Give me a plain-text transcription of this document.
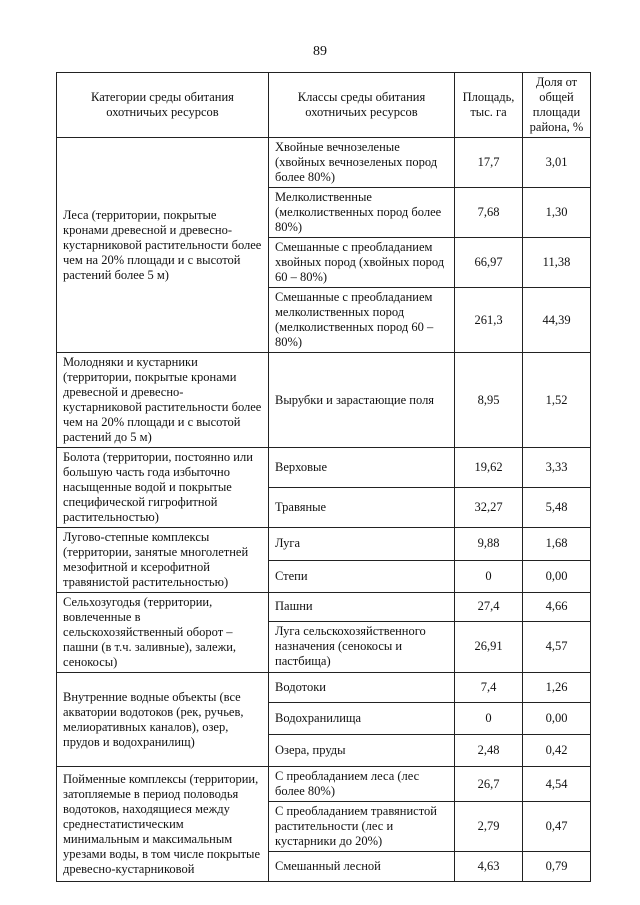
89
Категории среды обитания охотничьих ресурсов	Классы среды обитания охотничьих ресурсов	Площадь, тыс. га	Доля от общей площади района, %
Леса (территории, покрытые кронами древесной и древесно-кустарниковой растительности более чем на 20% площади и с высотой растений более 5 м)	Хвойные вечнозеленые (хвойных вечнозеленых пород более 80%)	17,7	3,01
	Мелколиственные (мелколиственных пород более 80%)	7,68	1,30
	Смешанные с преобладанием хвойных пород (хвойных пород 60 – 80%)	66,97	11,38
	Смешанные с преобладанием мелколиственных пород (мелколиственных пород 60 – 80%)	261,3	44,39
Молодняки и кустарники (территории, покрытые кронами древесной и древесно-кустарниковой растительности более чем на 20% площади и с высотой растений до 5 м)	Вырубки и зарастающие поля	8,95	1,52
Болота (территории, постоянно или большую часть года избыточно насыщенные водой и покрытые специфической гигрофитной растительностью)	Верховые	19,62	3,33
	Травяные	32,27	5,48
Лугово-степные комплексы (территории, занятые многолетней мезофитной и ксерофитной травянистой растительностью)	Луга	9,88	1,68
	Степи	0	0,00
Сельхозугодья (территории, вовлеченные в сельскохозяйственный оборот – пашни (в т.ч. заливные), залежи, сенокосы)	Пашни	27,4	4,66
	Луга сельскохозяйственного назначения (сенокосы и пастбища)	26,91	4,57
Внутренние водные объекты (все акватории водотоков (рек, ручьев, мелиоративных каналов), озер, прудов и водохранилищ)	Водотоки	7,4	1,26
	Водохранилища	0	0,00
	Озера, пруды	2,48	0,42
Пойменные комплексы (территории, затопляемые в период половодья водотоков, находящиеся между среднестатистическим минимальным и максимальным урезами воды, в том числе покрытые древесно-кустарниковой	С преобладанием леса (лес более 80%)	26,7	4,54
	С преобладанием травянистой растительности (лес и кустарники до 20%)	2,79	0,47
	Смешанный лесной	4,63	0,79
